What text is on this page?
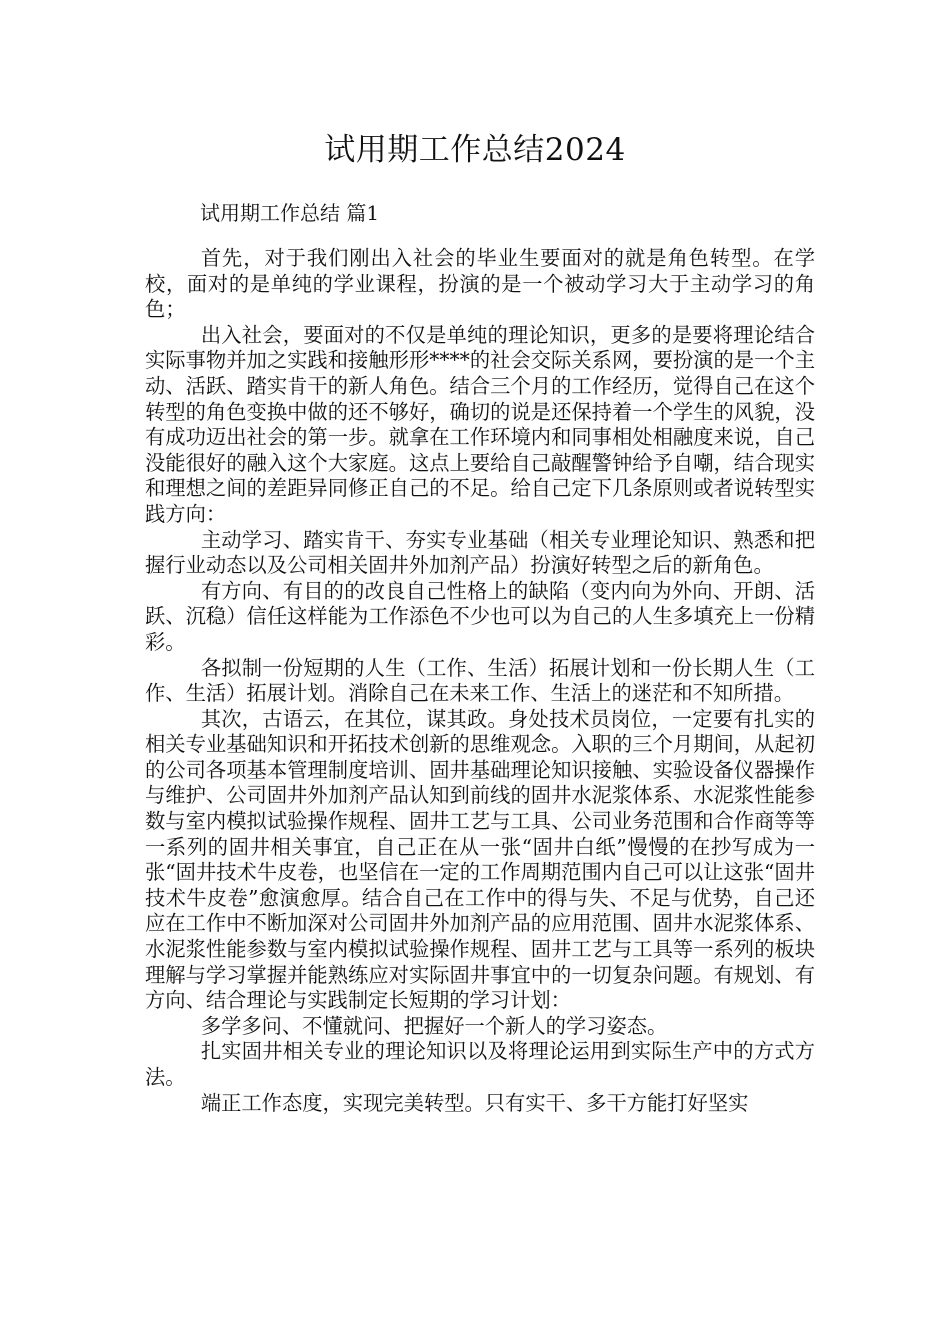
试用期工作总结2024
试用期工作总结 篇1

首先，对于我们刚出入社会的毕业生要面对的就是角色转型。在学校，面对的是单纯的学业课程，扮演的是一个被动学习大于主动学习的角色；

出入社会，要面对的不仅是单纯的理论知识，更多的是要将理论结合实际事物并加之实践和接触形形****的社会交际关系网，要扮演的是一个主动、活跃、踏实肯干的新人角色。结合三个月的工作经历，觉得自己在这个转型的角色变换中做的还不够好，确切的说是还保持着一个学生的风貌，没有成功迈出社会的第一步。就拿在工作环境内和同事相处相融度来说，自己没能很好的融入这个大家庭。这点上要给自己敲醒警钟给予自嘲，结合现实和理想之间的差距异同修正自己的不足。给自己定下几条原则或者说转型实践方向：

主动学习、踏实肯干、夯实专业基础（相关专业理论知识、熟悉和把握行业动态以及公司相关固井外加剂产品）扮演好转型之后的新角色。

有方向、有目的的改良自己性格上的缺陷（变内向为外向、开朗、活跃、沉稳）信任这样能为工作添色不少也可以为自己的人生多填充上一份精彩。

各拟制一份短期的人生（工作、生活）拓展计划和一份长期人生（工作、生活）拓展计划。消除自己在未来工作、生活上的迷茫和不知所措。

其次，古语云，在其位，谋其政。身处技术员岗位，一定要有扎实的相关专业基础知识和开拓技术创新的思维观念。入职的三个月期间，从起初的公司各项基本管理制度培训、固井基础理论知识接触、实验设备仪器操作与维护、公司固井外加剂产品认知到前线的固井水泥浆体系、水泥浆性能参数与室内模拟试验操作规程、固井工艺与工具、公司业务范围和合作商等等一系列的固井相关事宜，自己正在从一张“固井白纸”慢慢的在抄写成为一张“固井技术牛皮卷，也坚信在一定的工作周期范围内自己可以让这张“固井技术牛皮卷”愈演愈厚。结合自己在工作中的得与失、不足与优势，自己还应在工作中不断加深对公司固井外加剂产品的应用范围、固井水泥浆体系、水泥浆性能参数与室内模拟试验操作规程、固井工艺与工具等一系列的板块理解与学习掌握并能熟练应对实际固井事宜中的一切复杂问题。有规划、有方向、结合理论与实践制定长短期的学习计划：

多学多问、不懂就问、把握好一个新人的学习姿态。

扎实固井相关专业的理论知识以及将理论运用到实际生产中的方式方法。

端正工作态度，实现完美转型。只有实干、多干方能打好坚实
